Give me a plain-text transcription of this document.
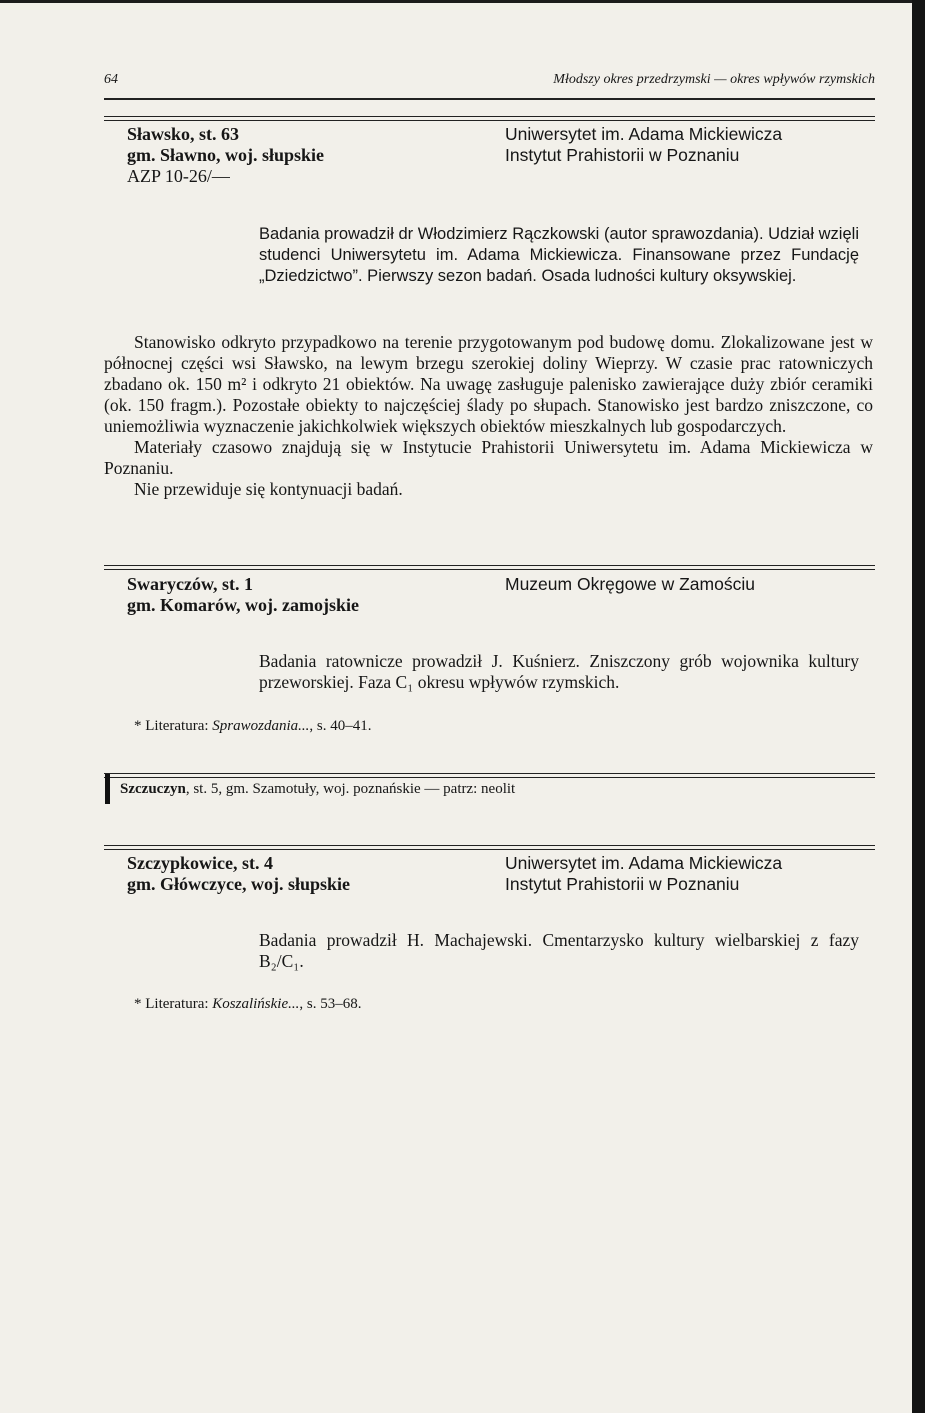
64	Młodszy okres przedrzymski — okres wpływów rzymskich
Sławsko, st. 63
gm. Sławno, woj. słupskie
AZP 10-26/—
Uniwersytet im. Adama Mickiewicza
Instytut Prahistorii w Poznaniu

Badania prowadził dr Włodzimierz Rączkowski (autor sprawozdania). Udział wzięli studenci Uniwersytetu im. Adama Mickiewicza. Finansowane przez Fundację „Dziedzictwo”. Pierwszy sezon badań. Osada ludności kultury oksywskiej.

Stanowisko odkryto przypadkowo na terenie przygotowanym pod budowę domu. Zlokalizowane jest w północnej części wsi Sławsko, na lewym brzegu szerokiej doliny Wieprzy. W czasie prac ratowniczych zbadano ok. 150 m² i odkryto 21 obiektów. Na uwagę zasługuje palenisko zawierające duży zbiór ceramiki (ok. 150 fragm.). Pozostałe obiekty to najczęściej ślady po słupach. Stanowisko jest bardzo zniszczone, co uniemożliwia wyznaczenie jakichkolwiek większych obiektów mieszkalnych lub gospodarczych.

Materiały czasowo znajdują się w Instytucie Prahistorii Uniwersytetu im. Adama Mickiewicza w Poznaniu.

Nie przewiduje się kontynuacji badań.

Swaryczów, st. 1
gm. Komarów, woj. zamojskie
Muzeum Okręgowe w Zamościu

Badania ratownicze prowadził J. Kuśnierz. Zniszczony grób wojownika kultury przeworskiej. Faza C₁ okresu wpływów rzymskich.

* Literatura: Sprawozdania..., s. 40–41.
Szczuczyn, st. 5, gm. Szamotuły, woj. poznańskie — patrz: neolit
Szczypkowice, st. 4
gm. Główczyce, woj. słupskie
Uniwersytet im. Adama Mickiewicza
Instytut Prahistorii w Poznaniu

Badania prowadził H. Machajewski. Cmentarzysko kultury wielbarskiej z fazy B₂/C₁.

* Literatura: Koszalińskie..., s. 53–68.
